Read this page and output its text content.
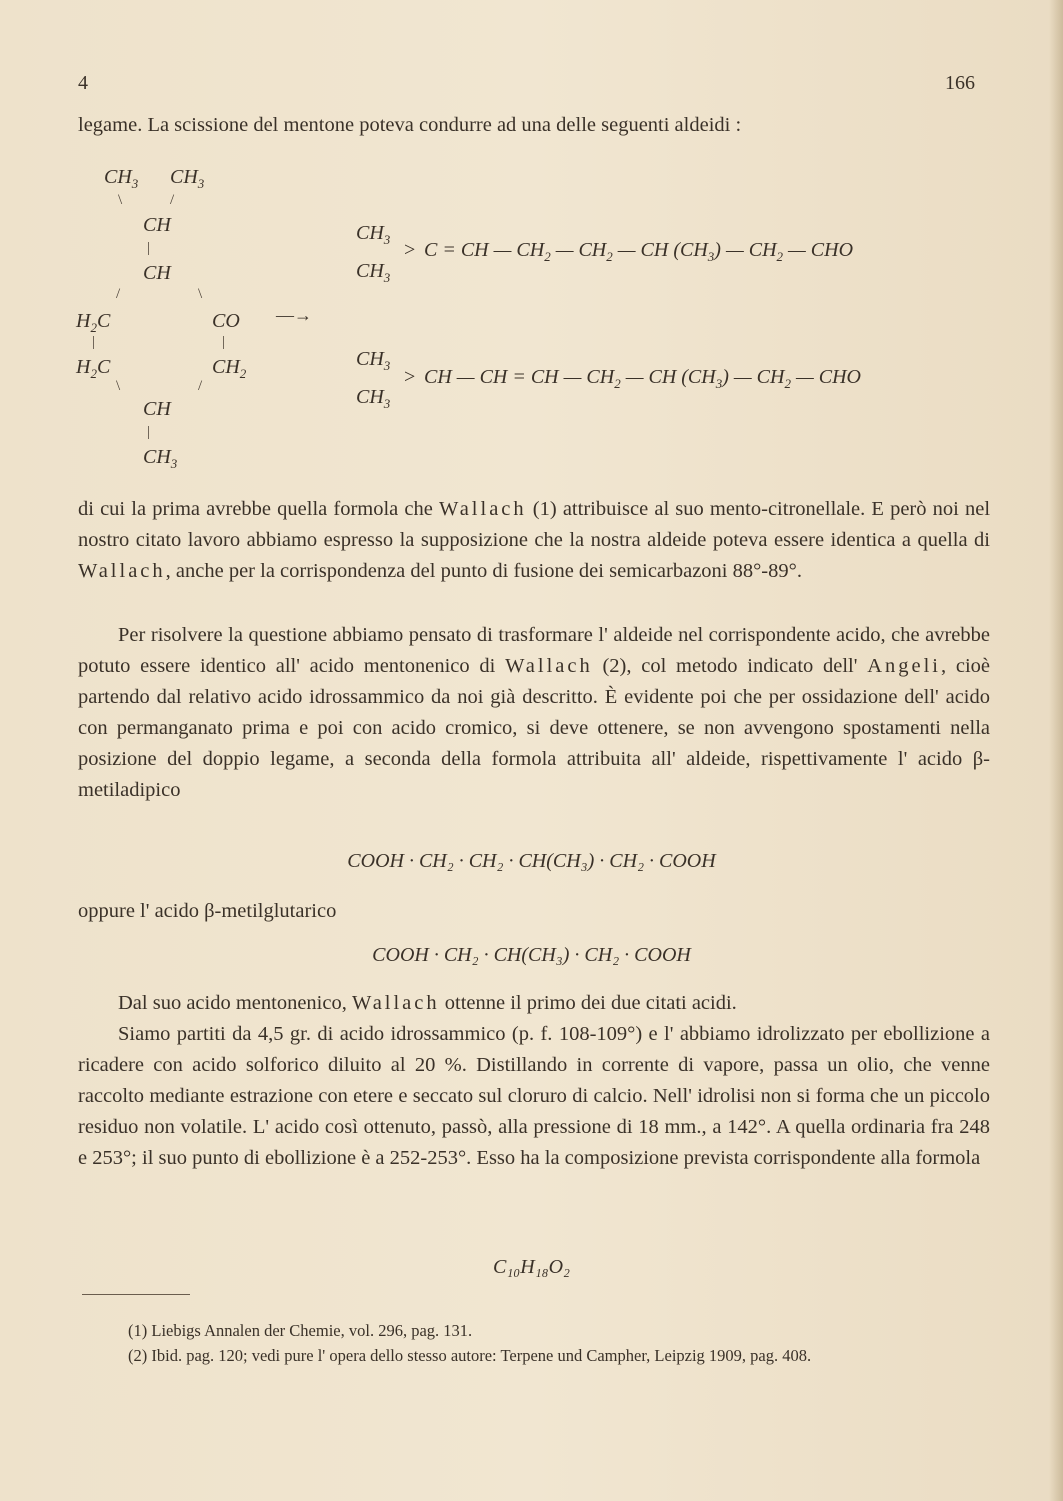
4	166

legame. La scissione del mentone poteva condurre ad una delle seguenti aldeidi :

$CH_3$ $CH_3$
\	/
CH
|
CH
/	\
$H_2C$	CO —→
|	|
$H_2C$	$CH_2$
\	/
CH
|
$CH_3$
$CH_3$
$CH_3$
> C = CH — $CH_2$ — $CH_2$ — CH $(CH_3)$ — $CH_2$ — CHO
$CH_3$
$CH_3$
> CH — CH = CH — $CH_2$ — CH $(CH_3)$ — $CH_2$ — CHO

di cui la prima avrebbe quella formola che Wallach (1) attribuisce al suo mento-citronellale. E però noi nel nostro citato lavoro abbiamo espresso la supposizione che la nostra aldeide poteva essere identica a quella di Wallach, anche per la corrispondenza del punto di fusione dei semicarbazoni 88°-89°.

Per risolvere la questione abbiamo pensato di trasformare l' aldeide nel corrispondente acido, che avrebbe potuto essere identico all' acido mentonenico di Wallach (2), col metodo indicato dell' Angeli, cioè partendo dal relativo acido idrossammico da noi già descritto. È evidente poi che per ossidazione dell' acido con permanganato prima e poi con acido cromico, si deve ottenere, se non avvengono spostamenti nella posizione del doppio legame, a seconda della formola attribuita all' aldeide, rispettivamente l' acido β-metiladipico

COOH · CH₂ · CH₂ · CH(CH₃) · CH₂ · COOH

oppure l' acido β-metilglutarico

COOH · CH₂ · CH(CH₃) · CH₂ · COOH

Dal suo acido mentonenico, Wallach ottenne il primo dei due citati acidi.

Siamo partiti da 4,5 gr. di acido idrossammico (p. f. 108-109°) e l' abbiamo idrolizzato per ebollizione a ricadere con acido solforico diluito al 20 %. Distillando in corrente di vapore, passa un olio, che venne raccolto mediante estrazione con etere e seccato sul cloruro di calcio. Nell' idrolisi non si forma che un piccolo residuo non volatile. L' acido così ottenuto, passò, alla pressione di 18 mm., a 142°. A quella ordinaria fra 248 e 253°; il suo punto di ebollizione è a 252-253°. Esso ha la composizione prevista corrispondente alla formola

C₁₀H₁₈O₂

(1) Liebigs Annalen der Chemie, vol. 296, pag. 131.

(2) Ibid. pag. 120; vedi pure l' opera dello stesso autore: Terpene und Campher, Leipzig 1909, pag. 408.
